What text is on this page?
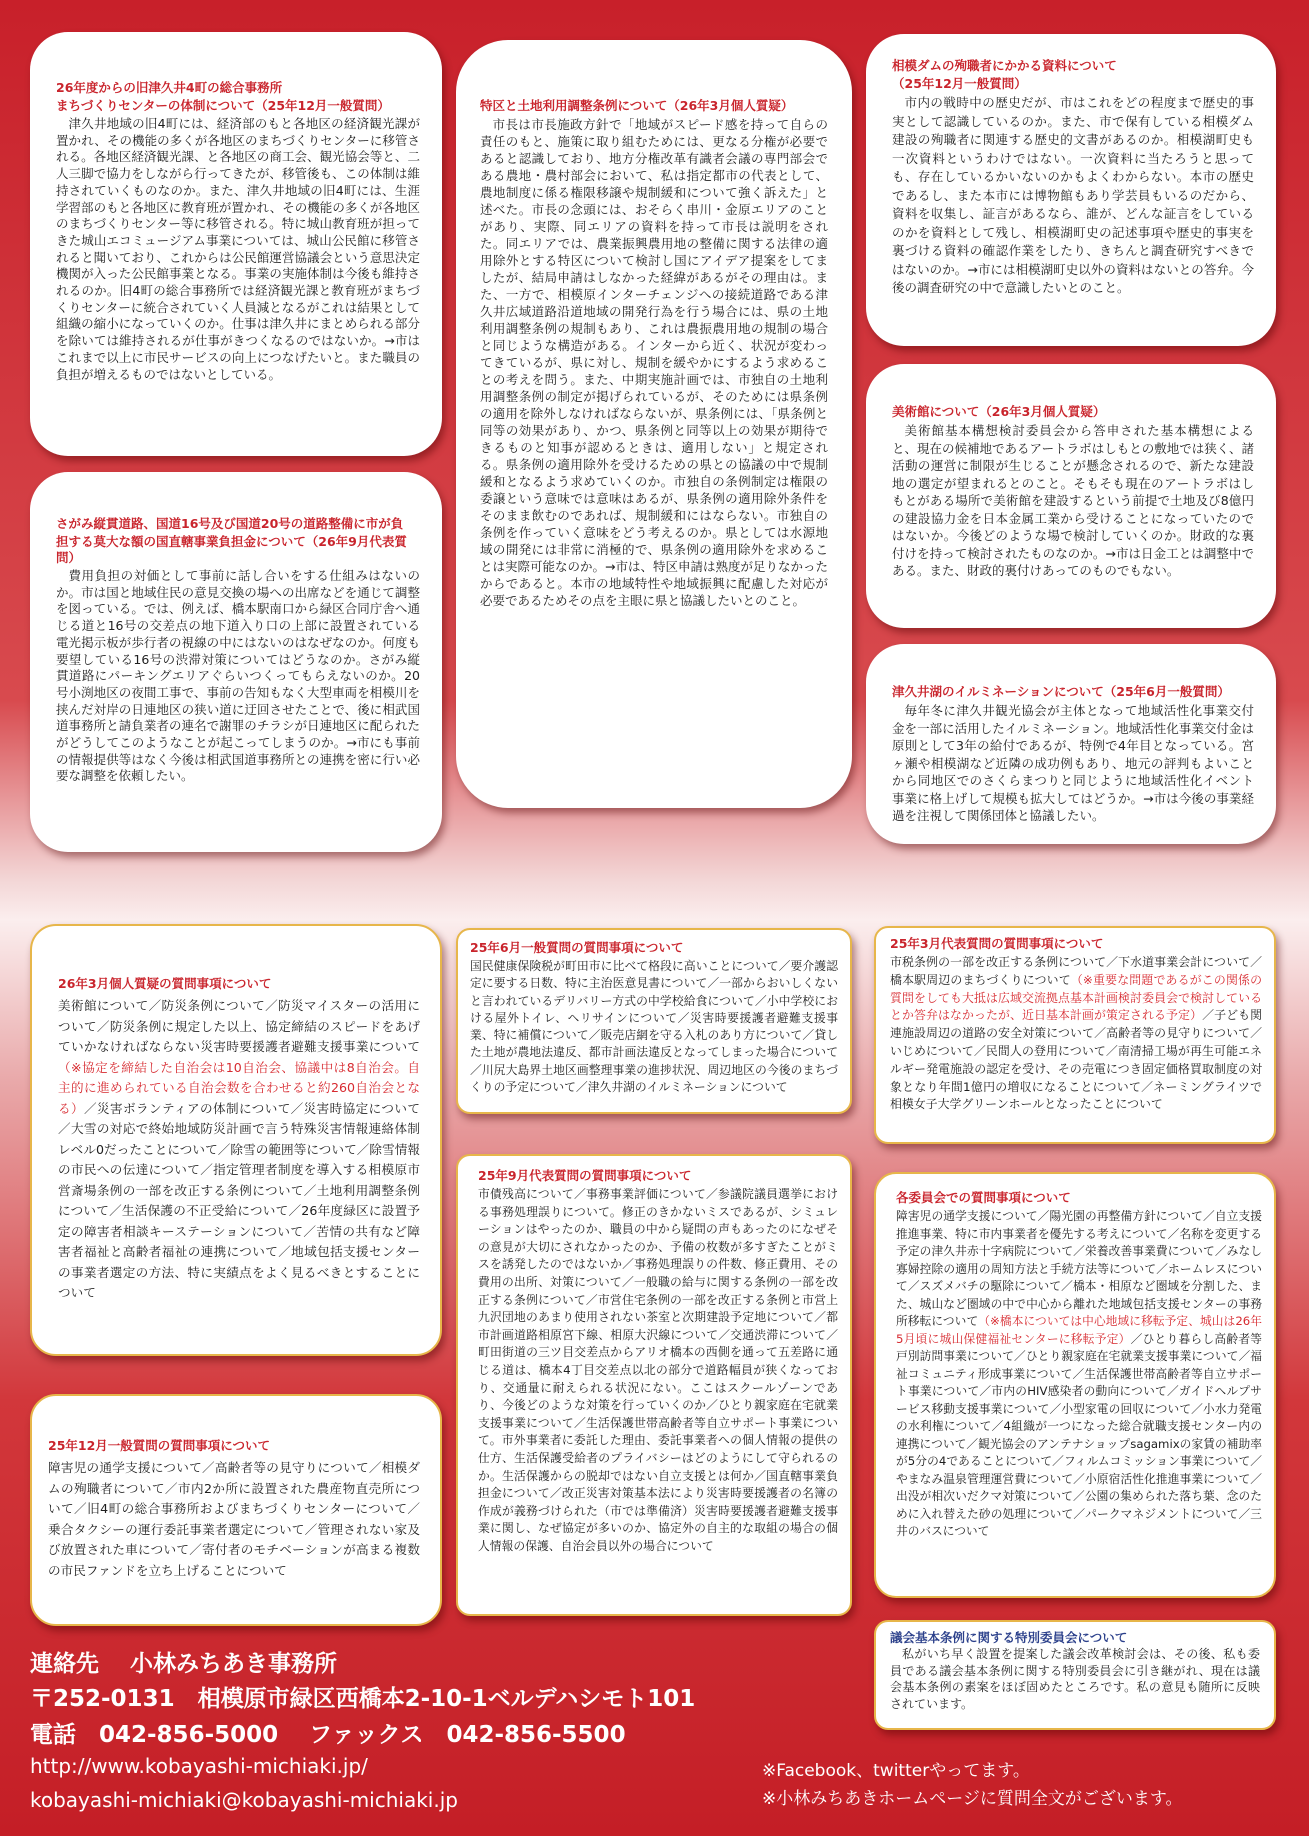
26年度からの旧津久井4町の総合事務所

まちづくりセンターの体制について（25年12月一般質問）

津久井地域の旧4町には、経済部のもと各地区の経済観光課が置かれ、その機能の多くが各地区のまちづくりセンターに移管される。各地区経済観光課、と各地区の商工会、観光協会等と、二人三脚で協力をしながら行ってきたが、移管後も、この体制は維持されていくものなのか。また、津久井地域の旧4町には、生涯学習部のもと各地区に教育班が置かれ、その機能の多くが各地区のまちづくりセンター等に移管される。特に城山教育班が担ってきた城山エコミュージアム事業については、城山公民館に移管されると聞いており、これからは公民館運営協議会という意思決定機関が入った公民館事業となる。事業の実施体制は今後も維持されるのか。旧4町の総合事務所では経済観光課と教育班がまちづくりセンターに統合されていく人員減となるがこれは結果として組織の縮小になっていくのか。仕事は津久井にまとめられる部分を除いては維持されるが仕事がきつくなるのではないか。→市はこれまで以上に市民サービスの向上につなげたいと。また職員の負担が増えるものではないとしている。

さがみ縦貫道路、国道16号及び国道20号の道路整備に市が負

担する莫大な額の国直轄事業負担金について（26年9月代表質問）

費用負担の対価として事前に話し合いをする仕組みはないのか。市は国と地域住民の意見交換の場への出席などを通じて調整を図っている。では、例えば、橋本駅南口から緑区合同庁舎へ通じる道と16号の交差点の地下道入り口の上部に設置されている電光掲示板が歩行者の視線の中にはないのはなぜなのか。何度も要望している16号の渋滞対策についてはどうなのか。さがみ縦貫道路にパーキングエリアぐらいつくってもらえないのか。20号小渕地区の夜間工事で、事前の告知もなく大型車両を相模川を挟んだ対岸の日連地区の狭い道に迂回させたことで、後に相武国道事務所と請負業者の連名で謝罪のチラシが日連地区に配られたがどうしてこのようなことが起こってしまうのか。→市にも事前の情報提供等はなく今後は相武国道事務所との連携を密に行い必要な調整を依頼したい。

特区と土地利用調整条例について（26年3月個人質疑）

市長は市長施政方針で「地域がスピード感を持って自らの責任のもと、施策に取り組むためには、更なる分権が必要であると認識しており、地方分権改革有識者会議の専門部会である農地・農村部会において、私は指定都市の代表として、農地制度に係る権限移譲や規制緩和について強く訴えた」と述べた。市長の念頭には、おそらく串川・金原エリアのことがあり、実際、同エリアの資料を持って市長は説明をされた。同エリアでは、農業振興農用地の整備に関する法律の適用除外とする特区について検討し国にアイデア提案をしてましたが、結局申請はしなかった経緯があるがその理由は。また、一方で、相模原インターチェンジへの接続道路である津久井広域道路沿道地域の開発行為を行う場合には、県の土地利用調整条例の規制もあり、これは農振農用地の規制の場合と同じような構造がある。インターから近く、状況が変わってきているが、県に対し、規制を緩やかにするよう求めることの考えを問う。また、中期実施計画では、市独自の土地利用調整条例の制定が掲げられているが、そのためには県条例の適用を除外しなければならないが、県条例には、「県条例と同等の効果があり、かつ、県条例と同等以上の効果が期待できるものと知事が認めるときは、適用しない」と規定される。県条例の適用除外を受けるための県との協議の中で規制緩和となるよう求めていくのか。市独自の条例制定は権限の委譲という意味では意味はあるが、県条例の適用除外条件をそのまま飲むのであれば、規制緩和にはならない。市独自の条例を作っていく意味をどう考えるのか。県としては水源地域の開発には非常に消極的で、県条例の適用除外を求めることは実際可能なのか。→市は、特区申請は熟度が足りなかったからであると。本市の地域特性や地域振興に配慮した対応が必要であるためその点を主眼に県と協議したいとのこと。

相模ダムの殉職者にかかる資料について

（25年12月一般質問）

市内の戦時中の歴史だが、市はこれをどの程度まで歴史的事実として認識しているのか。また、市で保有している相模ダム建設の殉職者に関連する歴史的文書があるのか。相模湖町史も一次資料というわけではない。一次資料に当たろうと思っても、存在しているかいないのかもよくわからない。本市の歴史であるし、また本市には博物館もあり学芸員もいるのだから、資料を収集し、証言があるなら、誰が、どんな証言をしているのかを資料として残し、相模湖町史の記述事項や歴史的事実を裏づける資料の確認作業をしたり、きちんと調査研究すべきではないのか。→市には相模湖町史以外の資料はないとの答弁。今後の調査研究の中で意識したいとのこと。

美術館について（26年3月個人質疑）

美術館基本構想検討委員会から答申された基本構想によると、現在の候補地であるアートラボはしもとの敷地では狭く、諸活動の運営に制限が生じることが懸念されるので、新たな建設地の選定が望まれるとのこと。そもそも現在のアートラボはしもとがある場所で美術館を建設するという前提で土地及び8億円の建設協力金を日本金属工業から受けることになっていたのではないか。今後どのような場で検討していくのか。財政的な裏付けを持って検討されたものなのか。→市は日金工とは調整中である。また、財政的裏付けあってのものでもない。

津久井湖のイルミネーションについて（25年6月一般質問）

毎年冬に津久井観光協会が主体となって地域活性化事業交付金を一部に活用したイルミネーション。地域活性化事業交付金は原則として3年の給付であるが、特例で4年目となっている。宮ヶ瀬や相模湖など近隣の成功例もあり、地元の評判もよいことから同地区でのさくらまつりと同じように地域活性化イベント事業に格上げして規模も拡大してはどうか。→市は今後の事業経過を注視して関係団体と協議したい。

26年3月個人質疑の質問事項について

美術館について／防災条例について／防災マイスターの活用について／防災条例に規定した以上、協定締結のスピードをあげていかなければならない災害時要援護者避難支援事業について（※協定を締結した自治会は10自治会、協議中は8自治会。自主的に進められている自治会数を合わせると約260自治会となる）／災害ボランティアの体制について／災害時協定について／大雪の対応で終始地域防災計画で言う特殊災害情報連絡体制レベル0だったことについて／除雪の範囲等について／除雪情報の市民への伝達について／指定管理者制度を導入する相模原市営斎場条例の一部を改正する条例について／土地利用調整条例について／生活保護の不正受給について／26年度緑区に設置予定の障害者相談キーステーションについて／苦情の共有など障害者福祉と高齢者福祉の連携について／地域包括支援センターの事業者選定の方法、特に実績点をよく見るべきとすることについて

25年12月一般質問の質問事項について

障害児の通学支援について／高齢者等の見守りについて／相模ダムの殉職者について／市内2か所に設置された農産物直売所について／旧4町の総合事務所およびまちづくりセンターについて／乗合タクシーの運行委託事業者選定について／管理されない家及び放置された車について／寄付者のモチベーションが高まる複数の市民ファンドを立ち上げることについて

25年6月一般質問の質問事項について

国民健康保険税が町田市に比べて格段に高いことについて／要介護認定に要する日数、特に主治医意見書について／一部からおいしくないと言われているデリバリー方式の中学校給食について／小中学校における屋外トイレ、ヘリサインについて／災害時要援護者避難支援事業、特に補償について／販売店網を守る入札のあり方について／貸した土地が農地法違反、都市計画法違反となってしまった場合について／川尻大島界土地区画整理事業の進捗状況、周辺地区の今後のまちづくりの予定について／津久井湖のイルミネーションについて

25年9月代表質問の質問事項について

市債残高について／事務事業評価について／参議院議員選挙における事務処理誤りについて。修正のきかないミスであるが、シミュレーションはやったのか、職員の中から疑問の声もあったのになぜその意見が大切にされなかったのか、予備の枚数が多すぎたことがミスを誘発したのではないか／事務処理誤りの件数、修正費用、その費用の出所、対策について／一般職の給与に関する条例の一部を改正する条例について／市営住宅条例の一部を改正する条例と市営上九沢団地のあまり使用されない茶室と次期建設予定地について／都市計画道路相原宮下線、相原大沢線について／交通渋滞について／町田街道の三ツ目交差点からアリオ橋本の西側を通って五差路に通じる道は、橋本4丁目交差点以北の部分で道路幅員が狭くなっており、交通量に耐えられる状況にない。ここはスクールゾーンであり、今後どのような対策を行っていくのか／ひとり親家庭在宅就業支援事業について／生活保護世帯高齢者等自立サポート事業について。市外事業者に委託した理由、委託事業者への個人情報の提供の仕方、生活保護受給者のプライバシーはどのようにして守られるのか。生活保護からの脱却ではない自立支援とは何か／国直轄事業負担金について／改正災害対策基本法により災害時要援護者の名簿の作成が義務づけられた（市では準備済）災害時要援護者避難支援事業に関し、なぜ協定が多いのか、協定外の自主的な取組の場合の個人情報の保護、自治会員以外の場合について

25年3月代表質問の質問事項について

市税条例の一部を改正する条例について／下水道事業会計について／橋本駅周辺のまちづくりについて（※重要な問題であるがこの関係の質問をしても大抵は広域交流拠点基本計画検討委員会で検討しているとか答弁はなかったが、近日基本計画が策定される予定）／子ども関連施設周辺の道路の安全対策について／高齢者等の見守りについて／いじめについて／民間人の登用について／南清掃工場が再生可能エネルギー発電施設の認定を受け、その売電につき固定価格買取制度の対象となり年間1億円の増収になることについて／ネーミングライツで相模女子大学グリーンホールとなったことについて

各委員会での質問事項について

障害児の通学支援について／陽光園の再整備方針について／自立支援推進事業、特に市内事業者を優先する考えについて／名称を変更する予定の津久井赤十字病院について／栄養改善事業費について／みなし寡婦控除の適用の周知方法と手続方法等について／ホームレスについて／スズメバチの駆除について／橋本・相原など圏域を分割した、また、城山など圏域の中で中心から離れた地域包括支援センターの事務所移転について（※橋本については中心地域に移転予定、城山は26年5月頃に城山保健福祉センターに移転予定）／ひとり暮らし高齢者等戸別訪問事業について／ひとり親家庭在宅就業支援事業について／福祉コミュニティ形成事業について／生活保護世帯高齢者等自立サポート事業について／市内のHIV感染者の動向について／ガイドヘルプサービス移動支援事業について／小型家電の回収について／小水力発電の水利権について／4組織が一つになった総合就職支援センター内の連携について／観光協会のアンテナショップsagamixの家賃の補助率が5分の4であることについて／フィルムコミッション事業について／やまなみ温泉管理運営費について／小原宿活性化推進事業について／出没が相次いだクマ対策について／公園の集められた落ち葉、念のために入れ替えた砂の処理について／パークマネジメントについて／三井のバスについて

議会基本条例に関する特別委員会について

私がいち早く設置を提案した議会改革検討会は、その後、私も委員である議会基本条例に関する特別委員会に引き継がれ、現在は議会基本条例の素案をほぼ固めたところです。私の意見も随所に反映されています。

連絡先　 小林みちあき事務所
〒252-0131　相模原市緑区西橋本2-10-1ベルデハシモト101
電話　042-856-5000　 ファックス　042-856-5500
http://www.kobayashi-michiaki.jp/
kobayashi-michiaki@kobayashi-michiaki.jp
※Facebook、twitterやってます。
※小林みちあきホームページに質問全文がございます。
